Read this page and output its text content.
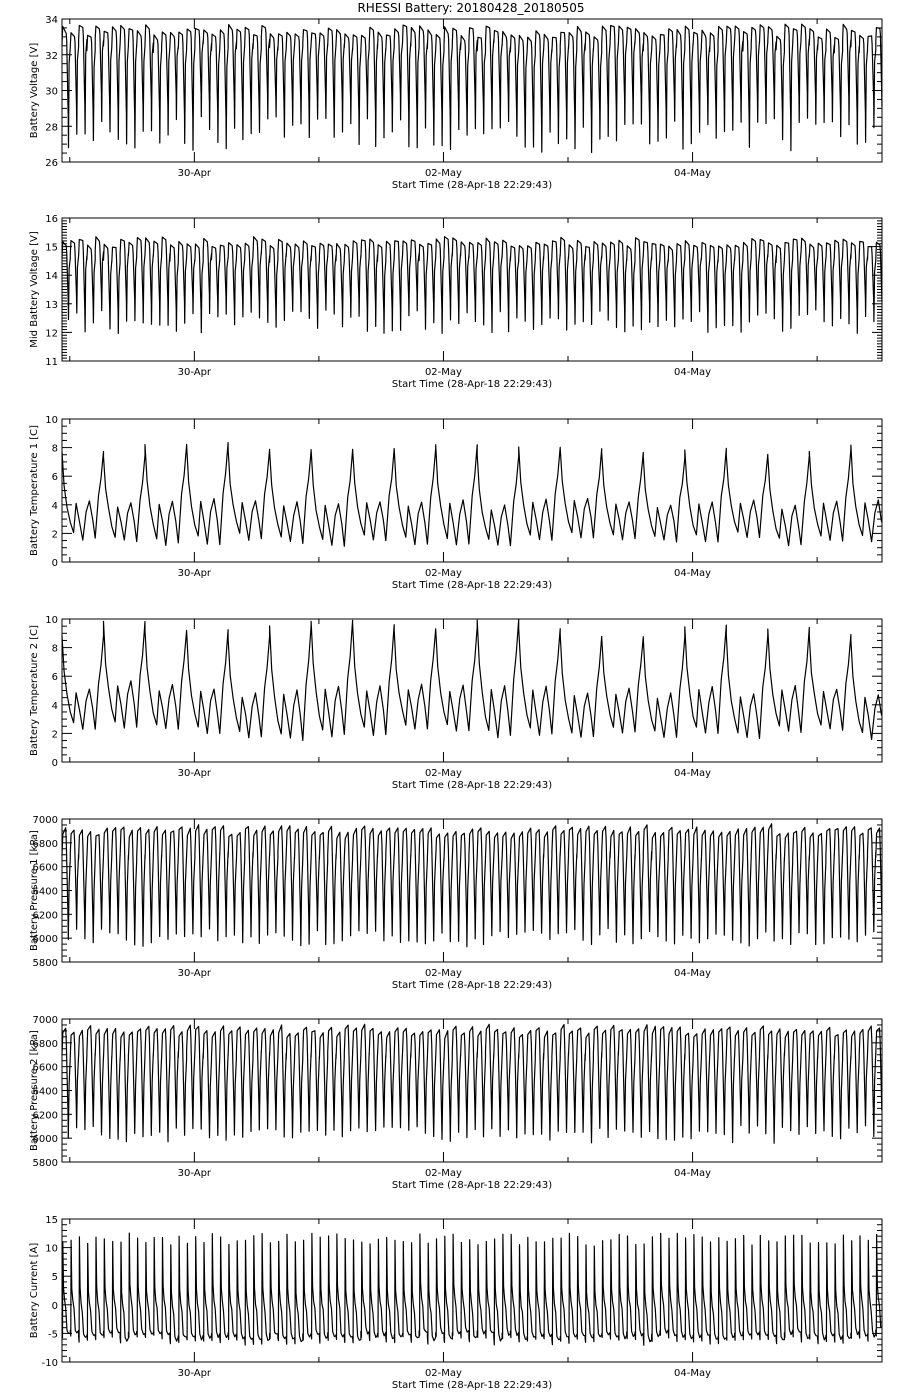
RHESSI Battery: 20180428_20180505
26
28
30
32
34
30-Apr	02-May	04-May
Start Time (28-Apr-18 22:29:43)
Battery Voltage [V]
11
12
13
14
15
16
30-Apr	02-May	04-May
Start Time (28-Apr-18 22:29:43)
Mid Battery Voltage [V]
0
2
4
6
8
10
30-Apr	02-May	04-May
Start Time (28-Apr-18 22:29:43)
Battery Temperature 1 [C]
0
2
4
6
8
10
30-Apr	02-May	04-May
Start Time (28-Apr-18 22:29:43)
Battery Temperature 2 [C]
5800
6000
6200
6400
6600
6800
7000
30-Apr	02-May	04-May
Start Time (28-Apr-18 22:29:43)
Battery Pressure 1 [kPa]
5800
6000
6200
6400
6600
6800
7000
30-Apr	02-May	04-May
Start Time (28-Apr-18 22:29:43)
Battery Pressure 2 [kPa]
-10
-5
0
5
10
15
30-Apr	02-May	04-May
Start Time (28-Apr-18 22:29:43)
Battery Current [A]
